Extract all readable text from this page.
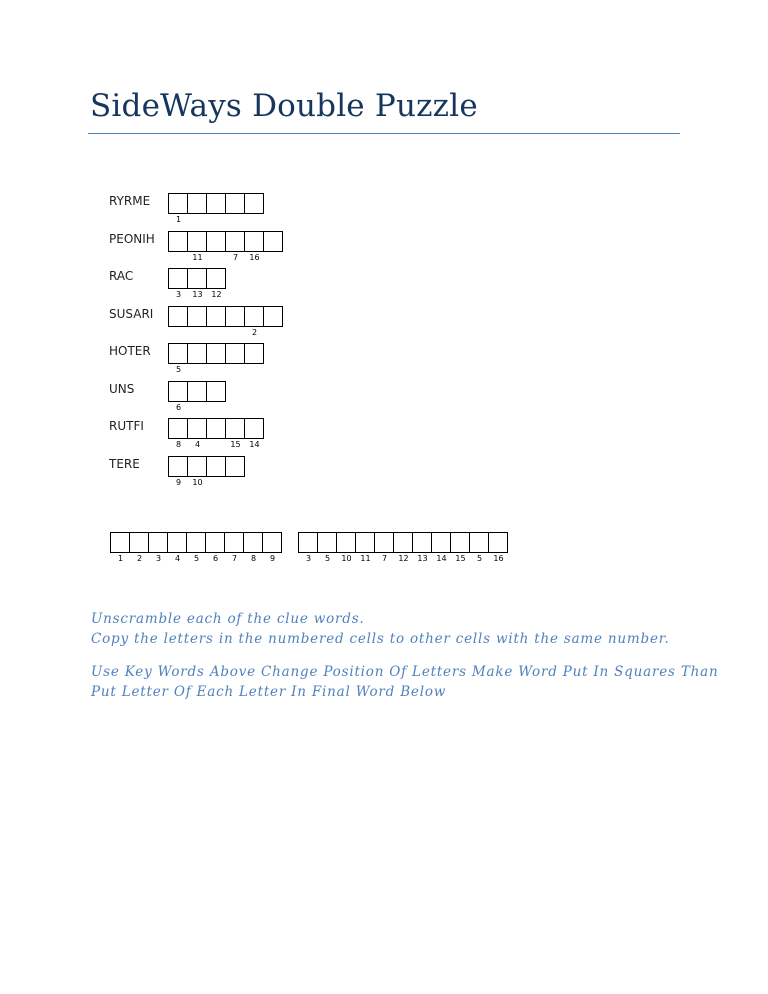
SideWays Double Puzzle
RYRME
1
PEONIH
11	7	16
RAC
3	13	12
SUSARI
2
HOTER
5
UNS
6
RUTFI
8	4	15	14
TERE
9	10
1	2	3	4	5	6	7	8	9	3	5	10	11	7	12	13	14	15	5	16
Unscramble each of the clue words.
Copy the letters in the numbered cells to other cells with the same number.
Use Key Words Above Change Position Of Letters Make Word Put In Squares Than
Put Letter Of Each Letter In Final Word Below
